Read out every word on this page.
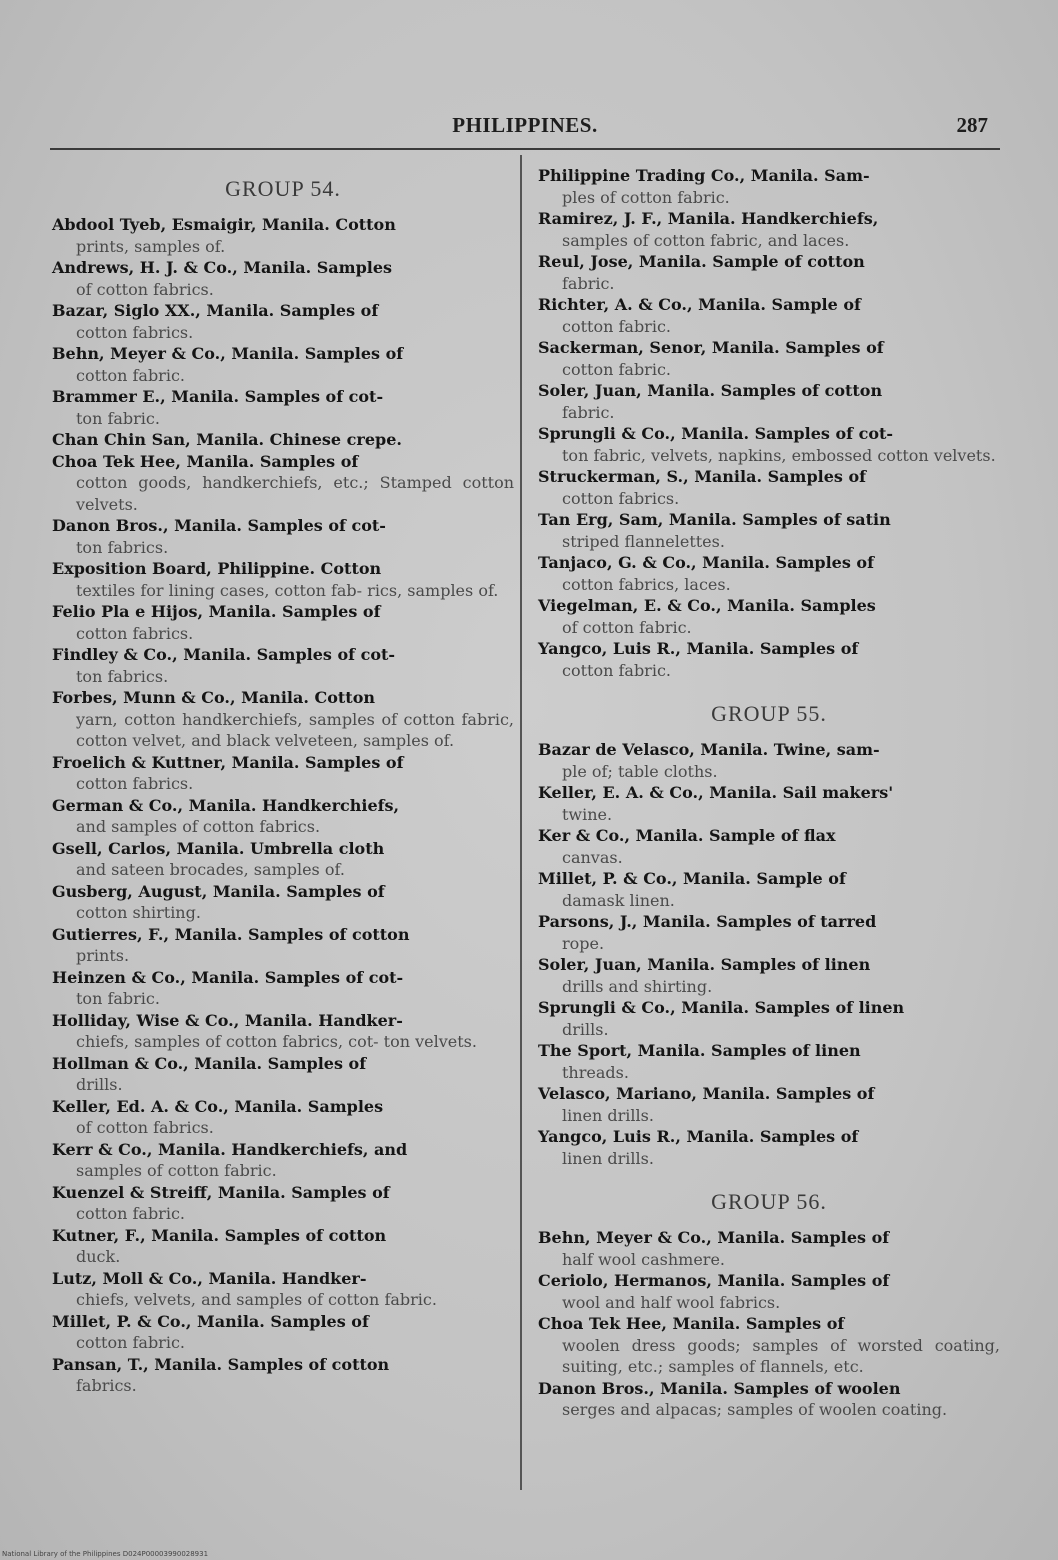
PHILIPPINES.	287
GROUP 54.
Abdool Tyeb, Esmaigir, Manila. Cotton
prints, samples of.
Andrews, H. J. & Co., Manila. Samples
of cotton fabrics.
Bazar, Siglo XX., Manila. Samples of
cotton fabrics.
Behn, Meyer & Co., Manila. Samples of
cotton fabric.
Brammer E., Manila. Samples of cot-
ton fabric.
Chan Chin San, Manila. Chinese crepe.
Choa Tek Hee, Manila. Samples of
cotton goods, handkerchiefs, etc.; Stamped cotton velvets.
Danon Bros., Manila. Samples of cot-
ton fabrics.
Exposition Board, Philippine. Cotton
textiles for lining cases, cotton fab- rics, samples of.
Felio Pla e Hijos, Manila. Samples of
cotton fabrics.
Findley & Co., Manila. Samples of cot-
ton fabrics.
Forbes, Munn & Co., Manila. Cotton
yarn, cotton handkerchiefs, samples of cotton fabric, cotton velvet, and black velveteen, samples of.
Froelich & Kuttner, Manila. Samples of
cotton fabrics.
German & Co., Manila. Handkerchiefs,
and samples of cotton fabrics.
Gsell, Carlos, Manila. Umbrella cloth
and sateen brocades, samples of.
Gusberg, August, Manila. Samples of
cotton shirting.
Gutierres, F., Manila. Samples of cotton
prints.
Heinzen & Co., Manila. Samples of cot-
ton fabric.
Holliday, Wise & Co., Manila. Handker-
chiefs, samples of cotton fabrics, cot- ton velvets.
Hollman & Co., Manila. Samples of
drills.
Keller, Ed. A. & Co., Manila. Samples
of cotton fabrics.
Kerr & Co., Manila. Handkerchiefs, and
samples of cotton fabric.
Kuenzel & Streiff, Manila. Samples of
cotton fabric.
Kutner, F., Manila. Samples of cotton
duck.
Lutz, Moll & Co., Manila. Handker-
chiefs, velvets, and samples of cotton fabric.
Millet, P. & Co., Manila. Samples of
cotton fabric.
Pansan, T., Manila. Samples of cotton
fabrics.
Philippine Trading Co., Manila. Sam-
ples of cotton fabric.
Ramirez, J. F., Manila. Handkerchiefs,
samples of cotton fabric, and laces.
Reul, Jose, Manila. Sample of cotton
fabric.
Richter, A. & Co., Manila. Sample of
cotton fabric.
Sackerman, Senor, Manila. Samples of
cotton fabric.
Soler, Juan, Manila. Samples of cotton
fabric.
Sprungli & Co., Manila. Samples of cot-
ton fabric, velvets, napkins, embossed cotton velvets.
Struckerman, S., Manila. Samples of
cotton fabrics.
Tan Erg, Sam, Manila. Samples of satin
striped flannelettes.
Tanjaco, G. & Co., Manila. Samples of
cotton fabrics, laces.
Viegelman, E. & Co., Manila. Samples
of cotton fabric.
Yangco, Luis R., Manila. Samples of
cotton fabric.
GROUP 55.
Bazar de Velasco, Manila. Twine, sam-
ple of; table cloths.
Keller, E. A. & Co., Manila. Sail makers'
twine.
Ker & Co., Manila. Sample of flax
canvas.
Millet, P. & Co., Manila. Sample of
damask linen.
Parsons, J., Manila. Samples of tarred
rope.
Soler, Juan, Manila. Samples of linen
drills and shirting.
Sprungli & Co., Manila. Samples of linen
drills.
The Sport, Manila. Samples of linen
threads.
Velasco, Mariano, Manila. Samples of
linen drills.
Yangco, Luis R., Manila. Samples of
linen drills.
GROUP 56.
Behn, Meyer & Co., Manila. Samples of
half wool cashmere.
Ceriolo, Hermanos, Manila. Samples of
wool and half wool fabrics.
Choa Tek Hee, Manila. Samples of
woolen dress goods; samples of worsted coating, suiting, etc.; samples of flannels, etc.
Danon Bros., Manila. Samples of woolen
serges and alpacas; samples of woolen coating.
National Library of the Philippines D024P00003990028931
